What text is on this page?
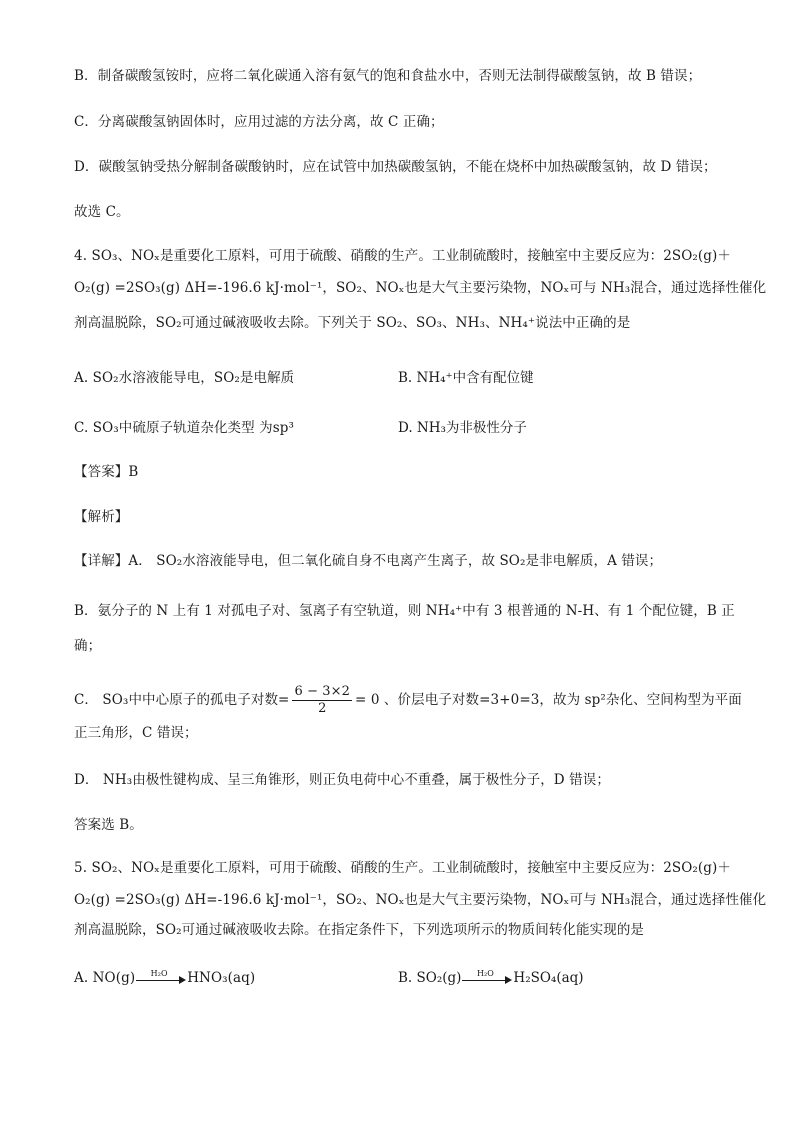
B．制备碳酸氢铵时，应将二氧化碳通入溶有氨气的饱和食盐水中，否则无法制得碳酸氢钠，故 B 错误；
C．分离碳酸氢钠固体时，应用过滤的方法分离，故 C 正确；
D．碳酸氢钠受热分解制备碳酸钠时，应在试管中加热碳酸氢钠，不能在烧杯中加热碳酸氢钠，故 D 错误；
故选 C。
4. SO₃、NOₓ是重要化工原料，可用于硫酸、硝酸的生产。工业制硫酸时，接触室中主要反应为：2SO₂(g)＋
O₂(g) =2SO₃(g) ΔH=-196.6 kJ·mol⁻¹，SO₂、NOₓ也是大气主要污染物，NOₓ可与 NH₃混合，通过选择性催化
剂高温脱除，SO₂可通过碱液吸收去除。下列关于 SO₂、SO₃、NH₃、NH₄⁺说法中正确的是
A. SO₂水溶液能导电，SO₂是电解质	B. NH₄⁺中含有配位键
C. SO₃中硫原子轨道杂化类型 为sp³	D. NH₃为非极性分子
【答案】B
【解析】
【详解】A． SO₂水溶液能导电，但二氧化硫自身不电离产生离子，故 SO₂是非电解质，A 错误；
B．氨分子的 N 上有 1 对孤电子对、氢离子有空轨道，则 NH₄⁺中有 3 根普通的 N-H、有 1 个配位键，B 正
确；
C． SO₃中中心原子的孤电子对数= $\frac{6 - 3\times 2}{2} = 0$ 、价层电子对数=3+0=3，故为 sp²杂化、空间构型为平面
正三角形，C 错误；
D． NH₃由极性键构成、呈三角锥形，则正负电荷中心不重叠，属于极性分子，D 错误；
答案选 B。
5. SO₂、NOₓ是重要化工原料，可用于硫酸、硝酸的生产。工业制硫酸时，接触室中主要反应为：2SO₂(g)＋
O₂(g) =2SO₃(g) ΔH=-196.6 kJ·mol⁻¹，SO₂、NOₓ也是大气主要污染物，NOₓ可与 NH₃混合，通过选择性催化
剂高温脱除，SO₂可通过碱液吸收去除。在指定条件下，下列选项所示的物质间转化能实现的是
A. NO(g)	H₂O	HNO₃(aq)	B. SO₂(g)	H₂O	H₂SO₄(aq)
